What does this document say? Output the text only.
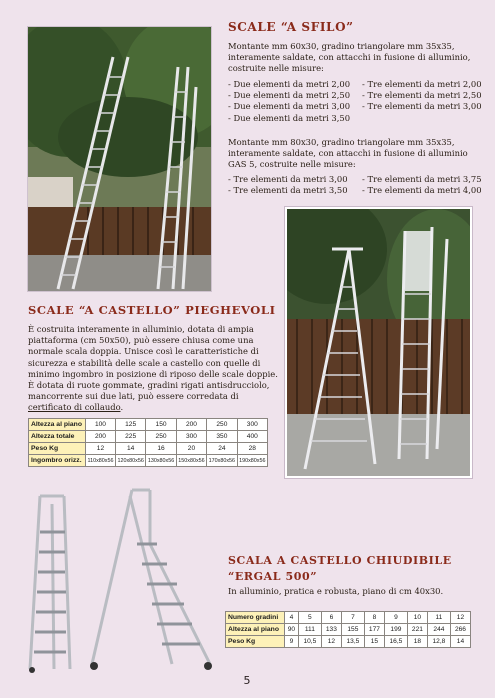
SCALE “A SFILO”

Montante mm 60x30, gradino triangolare mm 35x35, interamente saldate, con attacchi in fusione di alluminio, costruite nelle misure:

- Due elementi da metri 2,00
- Due elementi da metri 2,50
- Due elementi da metri 3,00
- Due elementi da metri 3,50
- Tre elementi da metri 2,00
- Tre elementi da metri 2,50
- Tre elementi da metri 3,00

Montante mm 80x30, gradino triangolare mm 35x35, interamente saldate, con attacchi in fusione di alluminio GAS 5, costruite nelle misure:

- Tre elementi da metri 3,00
- Tre elementi da metri 3,50
- Tre elementi da metri 3,75
- Tre elementi da metri 4,00
SCALE “A CASTELLO” PIEGHEVOLI

È costruita interamente in alluminio, dotata di ampia piattaforma (cm 50x50), può essere chiusa come una normale scala doppia. Unisce così le caratteristiche di sicurezza e stabilità delle scale a castello con quelle di minimo ingombro in posizione di riposo delle scale doppie. È dotata di ruote gommate, gradini rigati antisdrucciolo, mancorrente sui due lati, può essere corredata di certificato di collaudo.

Altezza al piano	100	125	150	200	250	300
Altezza totale	200	225	250	300	350	400
Peso Kg	12	14	16	20	24	28
Ingombro orizz.	110x80x56	120x80x56	130x80x56	150x80x56	170x80x56	190x80x56
SCALA A CASTELLO CHIUDIBILE
“ERGAL 500”

In alluminio, pratica e robusta, piano di cm 40x30.

Numero gradini	4	5	6	7	8	9	10	11	12
Altezza al piano	90	111	133	155	177	199	221	244	266
Peso Kg	9	10,5	12	13,5	15	16,5	18	12,8	14
5
